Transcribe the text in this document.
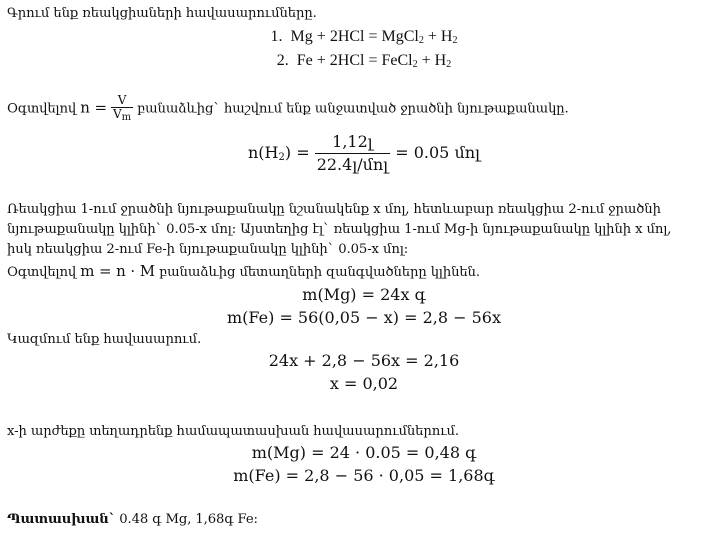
Գրում ենք ռեակցիաների հավասարումները.
1. Mg + 2HCl = MgCl$_2$ + $H_2$
2. Fe + 2HCl = FeCl$_2$ + $H_2$
Օգտվելով $n = \frac{V}{V_m}$ բանաձևից` հաշվում ենք անջատված ջրածնի նյութաքանակը.
$n(H_2) = \frac{\text{1,12լ}}{\text{22.4լ/մոլ}} = 0.05$ մոլ
Ռեակցիա 1-ում ջրածնի նյութաքանակը նշանակենք x մոլ, հետևաբար ռեակցիա 2-ում ջրածնի
նյութաքանակը կլինի` 0.05-x մոլ: Այստեղից էլ` ռեակցիա 1-ում Mg-ի նյութաքանակը կլինի x մոլ,
իսկ ռեակցիա 2-ում Fe-ի նյութաքանակը կլինի` 0.05-x մոլ:
Օգտվելով m = n · M բանաձևից մետաղների զանգվածները կլինեն.
m(Mg) = 24x գ
m(Fe) = 56(0,05 − x) = 2,8 − 56x
Կազմում ենք հավասարում.
24x + 2,8 − 56x = 2,16
x = 0,02
x-ի արժեքը տեղադրենք համապատասխան հավասարումներում.
m(Mg) = 24 · 0.05 = 0,48 գ
m(Fe) = 2,8 − 56 · 0,05 = 1,68գ
Պատասխան` 0.48 գ Mg, 1,68գ Fe:
